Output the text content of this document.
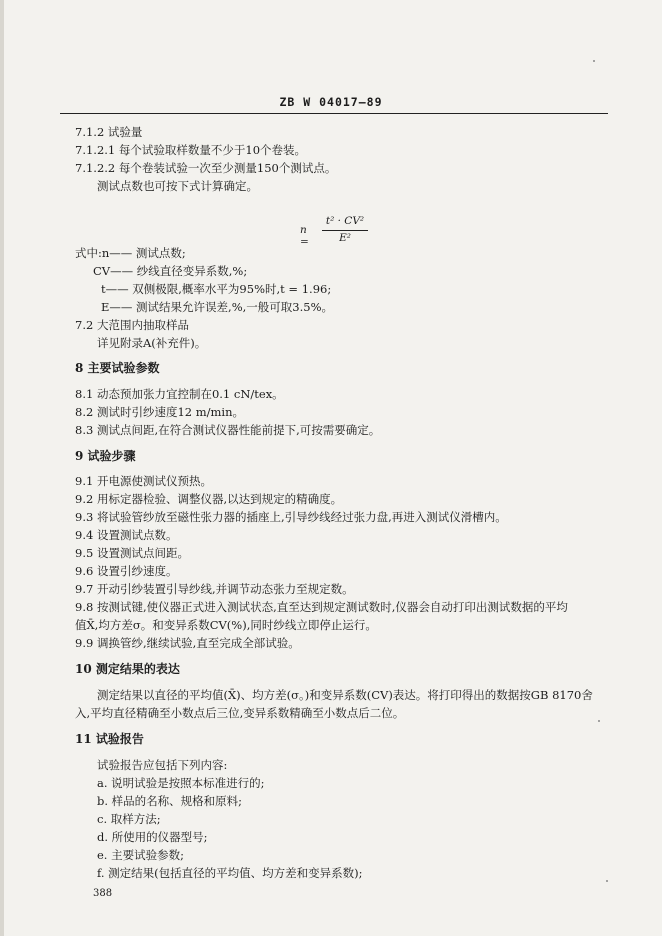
ZB W 04017—89
7.1.2 试验量
7.1.2.1 每个试验取样数量不少于10个卷装。
7.1.2.2 每个卷装试验一次至少测量150个测试点。
测试点数也可按下式计算确定。
n =
t² · CV²
E²
式中:n—— 测试点数;
CV—— 纱线直径变异系数,%;
t—— 双侧极限,概率水平为95%时,t = 1.96;
E—— 测试结果允许误差,%,一般可取3.5%。
7.2 大范围内抽取样品
详见附录A(补充件)。
8 主要试验参数
8.1 动态预加张力宜控制在0.1 cN/tex。
8.2 测试时引纱速度12 m/min。
8.3 测试点间距,在符合测试仪器性能前提下,可按需要确定。
9 试验步骤
9.1 开电源使测试仪预热。
9.2 用标定器检验、调整仪器,以达到规定的精确度。
9.3 将试验管纱放至磁性张力器的插座上,引导纱线经过张力盘,再进入测试仪滑槽内。
9.4 设置测试点数。
9.5 设置测试点间距。
9.6 设置引纱速度。
9.7 开动引纱装置引导纱线,并调节动态张力至规定数。
9.8 按测试键,使仪器正式进入测试状态,直至达到规定测试数时,仪器会自动打印出测试数据的平均
值X̄,均方差σ。和变异系数CV(%),同时纱线立即停止运行。
9.9 调换管纱,继续试验,直至完成全部试验。
10 测定结果的表达
测定结果以直径的平均值(X̄)、均方差(σ。)和变异系数(CV)表达。将打印得出的数据按GB 8170舍
入,平均直径精确至小数点后三位,变异系数精确至小数点后二位。
11 试验报告
试验报告应包括下列内容:
a. 说明试验是按照本标准进行的;
b. 样品的名称、规格和原料;
c. 取样方法;
d. 所使用的仪器型号;
e. 主要试验参数;
f. 测定结果(包括直径的平均值、均方差和变异系数);
388
